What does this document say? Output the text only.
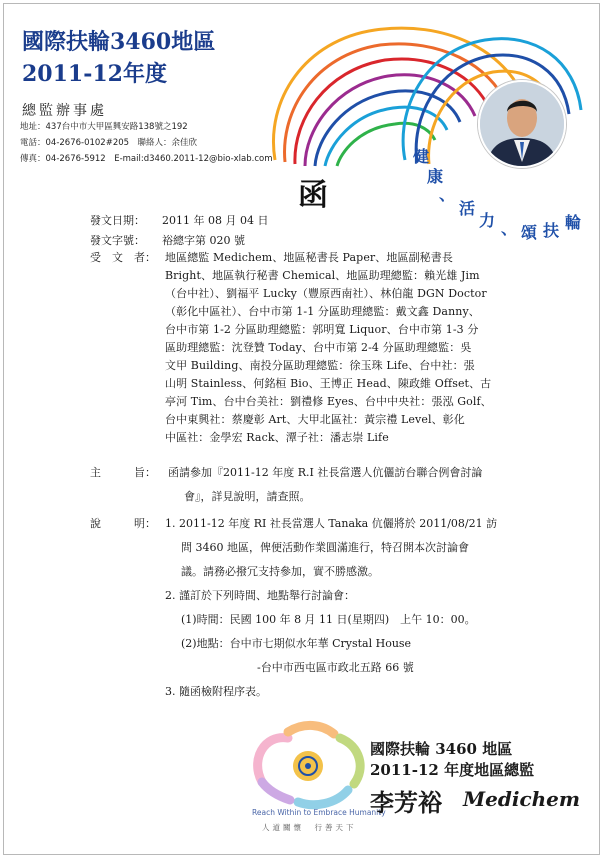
國際扶輪3460地區
2011-12年度
總監辦事處
地址：437台中市大甲區興安路138號之192
電話：04-2676-0102#205　聯絡人：余佳欣
傳真：04-2676-5912　E-mail:d3460.2011-12@bio-xlab.com	健
康
、
活
力 、 頌 扶 輪
函
發文日期： 2011 年 08 月 04 日
發文字號： 裕總字第 020 號
受　文　者： 地區總監 Medichem、地區秘書長 Paper、地區副秘書長
Bright、地區執行秘書 Chemical、地區助理總監：賴光雄 Jim
（台中社）、劉福平 Lucky（豐原西南社）、林伯龍 DGN Doctor
（彰化中區社）、台中市第 1-1 分區助理總監：戴文鑫 Danny、
台中市第 1-2 分區助理總監：郭明寬 Liquor、台中市第 1-3 分
區助理總監：沈登贊 Today、台中市第 2-4 分區助理總監：吳
文甲 Building、南投分區助理總監：徐玉珠 Life、台中社：張
山明 Stainless、何銘桓 Bio、王博正 Head、陳政維 Offset、古
亭河 Tim、台中台美社：劉禮修 Eyes、台中中央社：張泓 Golf、
台中東興社：蔡慶彰 Art、大甲北區社：黃宗禮 Level、彰化
中區社：金學宏 Rack、潭子社：潘志崇 Life
主　　　旨： 函請參加『2011-12 年度 R.I 社長當選人伉儷訪台聯合例會討論
會』，詳見說明，請查照。
說　　　明： 1. 2011-12 年度 RI 社長當選人 Tanaka 伉儷將於 2011/08/21 訪
問 3460 地區，俾便活動作業圓滿進行，特召開本次討論會
議。請務必撥冗支持參加，實不勝感激。
2. 謹訂於下列時間、地點舉行討論會：
(1)時間：民國 100 年 8 月 11 日(星期四)　上午 10：00。
(2)地點：台中市七期似水年華 Crystal House
-台中市西屯區市政北五路 66 號
3. 隨函檢附程序表。
Reach Within to Embrace Humanity
人道關懷　行善天下
國際扶輪 3460 地區
2011-12 年度地區總監
李芳裕 Medichem
